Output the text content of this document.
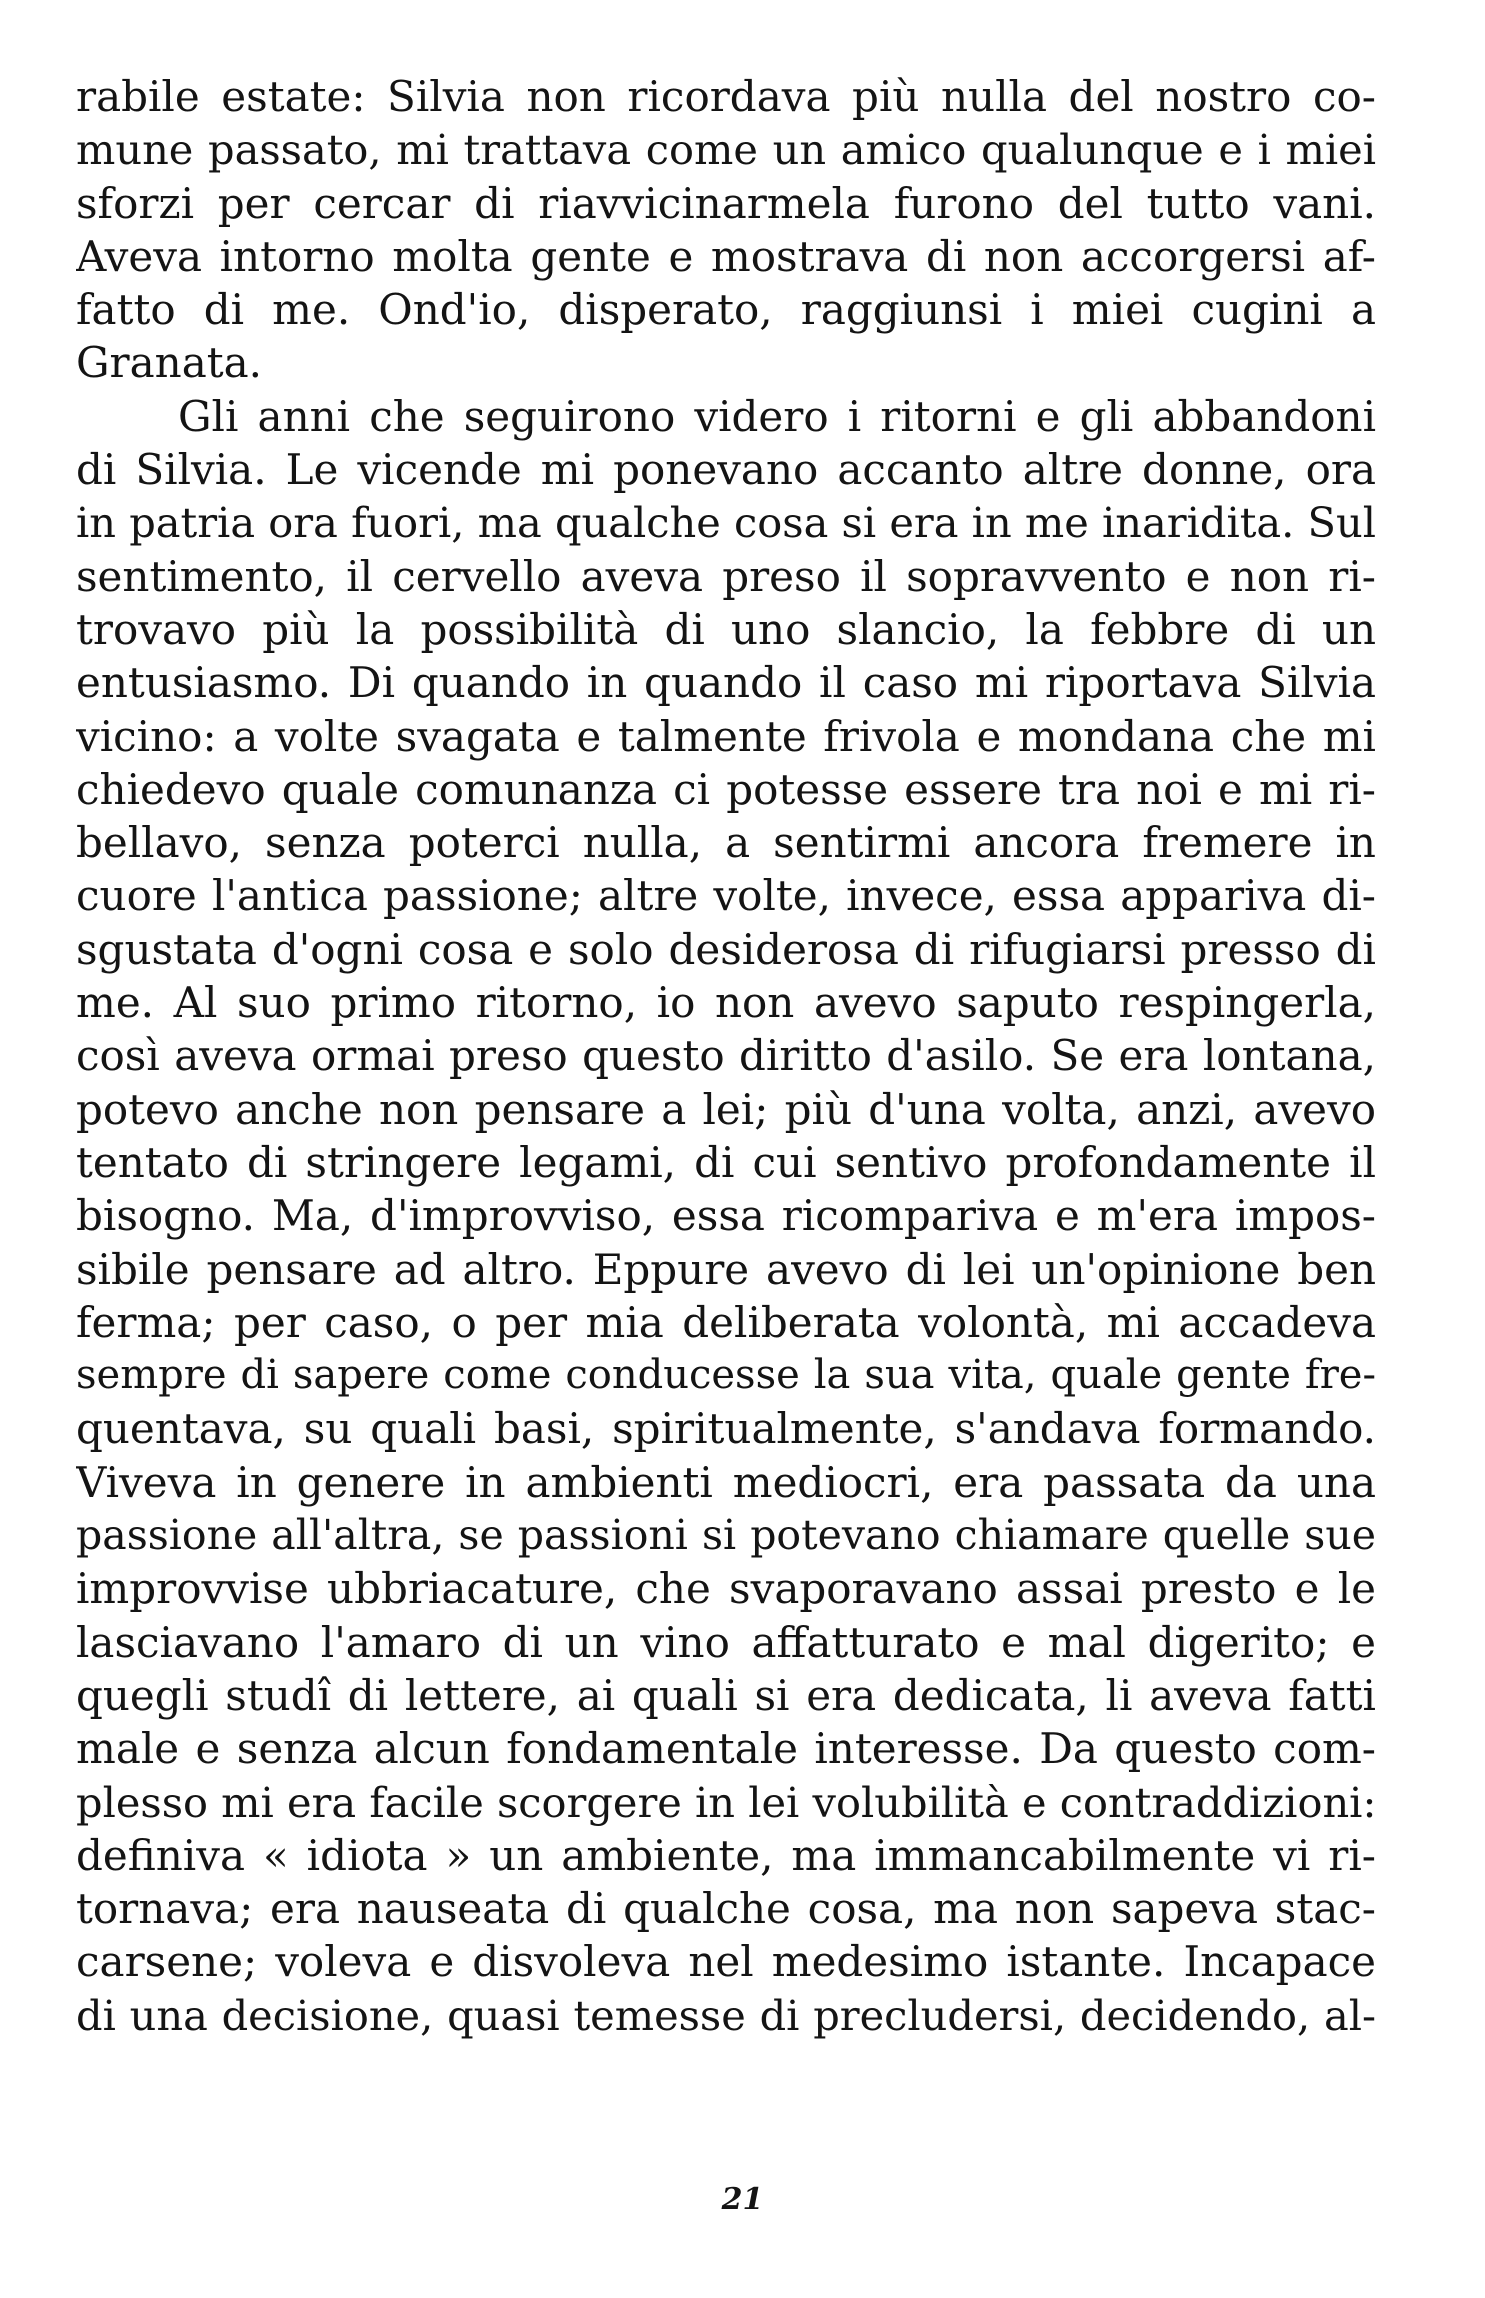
rabile estate: Silvia non ricordava più nulla del nostro co-
mune passato, mi trattava come un amico qualunque e i miei
sforzi per cercar di riavvicinarmela furono del tutto vani.
Aveva intorno molta gente e mostrava di non accorgersi af-
fatto di me. Ond'io, disperato, raggiunsi i miei cugini a
Granata.
Gli anni che seguirono videro i ritorni e gli abbandoni
di Silvia. Le vicende mi ponevano accanto altre donne, ora
in patria ora fuori, ma qualche cosa si era in me inaridita. Sul
sentimento, il cervello aveva preso il sopravvento e non ri-
trovavo più la possibilità di uno slancio, la febbre di un
entusiasmo. Di quando in quando il caso mi riportava Silvia
vicino: a volte svagata e talmente frivola e mondana che mi
chiedevo quale comunanza ci potesse essere tra noi e mi ri-
bellavo, senza poterci nulla, a sentirmi ancora fremere in
cuore l'antica passione; altre volte, invece, essa appariva di-
sgustata d'ogni cosa e solo desiderosa di rifugiarsi presso di
me. Al suo primo ritorno, io non avevo saputo respingerla,
così aveva ormai preso questo diritto d'asilo. Se era lontana,
potevo anche non pensare a lei; più d'una volta, anzi, avevo
tentato di stringere legami, di cui sentivo profondamente il
bisogno. Ma, d'improvviso, essa ricompariva e m'era impos-
sibile pensare ad altro. Eppure avevo di lei un'opinione ben
ferma; per caso, o per mia deliberata volontà, mi accadeva
sempre di sapere come conducesse la sua vita, quale gente fre-
quentava, su quali basi, spiritualmente, s'andava formando.
Viveva in genere in ambienti mediocri, era passata da una
passione all'altra, se passioni si potevano chiamare quelle sue
improvvise ubbriacature, che svaporavano assai presto e le
lasciavano l'amaro di un vino affatturato e mal digerito; e
quegli studî di lettere, ai quali si era dedicata, li aveva fatti
male e senza alcun fondamentale interesse. Da questo com-
plesso mi era facile scorgere in lei volubilità e contraddizioni:
definiva « idiota » un ambiente, ma immancabilmente vi ri-
tornava; era nauseata di qualche cosa, ma non sapeva stac-
carsene; voleva e disvoleva nel medesimo istante. Incapace
di una decisione, quasi temesse di precludersi, decidendo, al-
21
